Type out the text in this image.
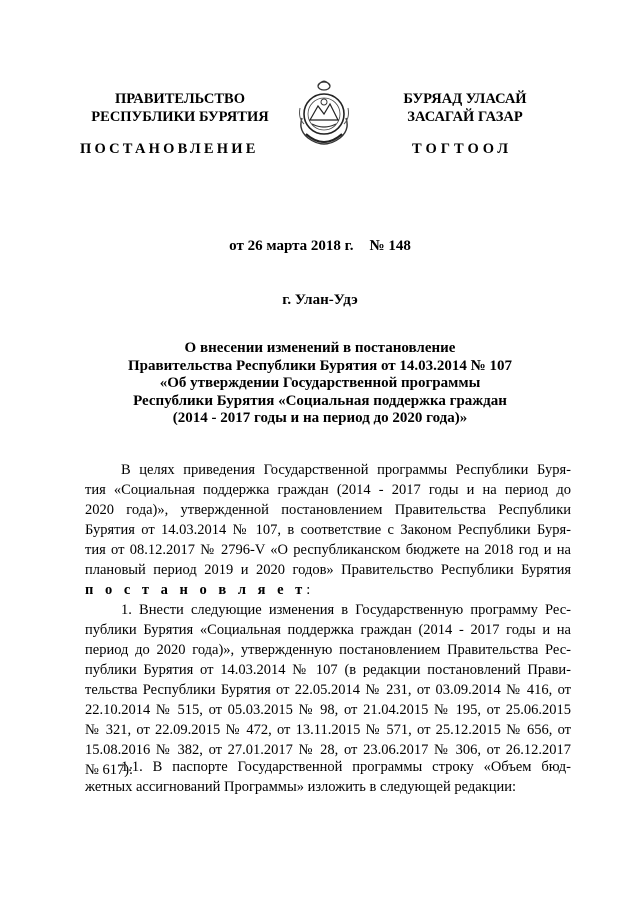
ПРАВИТЕЛЬСТВО
РЕСПУБЛИКИ БУРЯТИЯ
БУРЯАД УЛАСАЙ
ЗАСАГАЙ ГАЗАР
ПОСТАНОВЛЕНИЕ	ТОГТООЛ
от 26 марта 2018 г. № 148
г. Улан-Удэ
О внесении изменений в постановление
Правительства Республики Бурятия от 14.03.2014 № 107
«Об утверждении Государственной программы
Республики Бурятия «Социальная поддержка граждан
(2014 - 2017 годы и на период до 2020 года)»
В целях приведения Государственной программы Республики Буря-
тия «Социальная поддержка граждан (2014 - 2017 годы и на период до
2020 года)», утвержденной постановлением Правительства Республики
Бурятия от 14.03.2014 № 107, в соответствие с Законом Республики Буря-
тия от 08.12.2017 № 2796-V «О республиканском бюджете на 2018 год и на
плановый период 2019 и 2020 годов» Правительство Республики Бурятия
п о с т а н о в л я е т:
1. Внести следующие изменения в Государственную программу Рес-
публики Бурятия «Социальная поддержка граждан (2014 - 2017 годы и на
период до 2020 года)», утвержденную постановлением Правительства Рес-
публики Бурятия от 14.03.2014 № 107 (в редакции постановлений Прави-
тельства Республики Бурятия от 22.05.2014 № 231, от 03.09.2014 № 416, от
22.10.2014 № 515, от 05.03.2015 № 98, от 21.04.2015 № 195, от 25.06.2015
№ 321, от 22.09.2015 № 472, от 13.11.2015 № 571, от 25.12.2015 № 656, от
15.08.2016 № 382, от 27.01.2017 № 28, от 23.06.2017 № 306, от 26.12.2017
№ 617):
1.1. В паспорте Государственной программы строку «Объем бюд-
жетных ассигнований Программы» изложить в следующей редакции:
